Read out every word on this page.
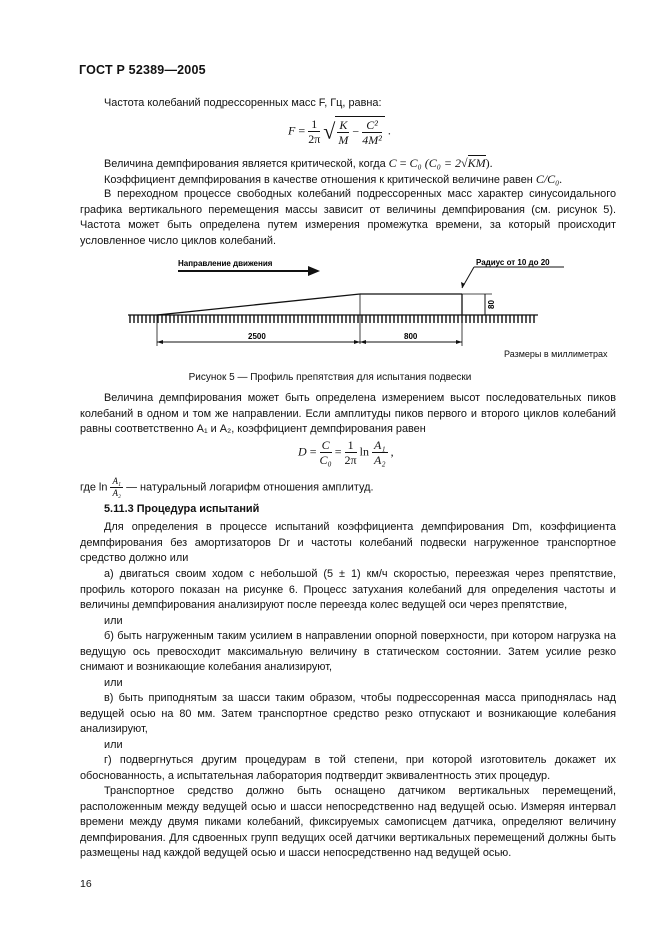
ГОСТ Р 52389—2005
Частота колебаний подрессоренных масс F, Гц, равна:
$F = \frac{1}{2\pi}$ √ $\frac{K}{M} - \frac{\text{C²}}{\text{4M²}}$ .
Величина демпфирования является критической, когда C = C₀ (C₀ = 2√KM).
Коэффициент демпфирования в качестве отношения к критической величине равен C/C₀.
В переходном процессе свободных колебаний подрессоренных масс характер синусоидального графика вертикального перемещения массы зависит от величины демпфирования (см. рисунок 5). Частота может быть определена путем измерения промежутка времени, за который происходит условленное число циклов колебаний.
Направление движения	Радиус от 10 до 20
80
2500	800
Размеры в миллиметрах
Рисунок 5 — Профиль препятствия для испытания подвески
Величина демпфирования может быть определена измерением высот последовательных пиков колебаний в одном и том же направлении. Если амплитуды пиков первого и второго циклов колебаний равны соответственно A₁ и A₂, коэффициент демпфирования равен
$D = \frac{C}{\text{C₀}} = \frac{1}{2\pi}$ $\ln \frac{\text{A₁}}{\text{A₂}}$ ,
где $\ln \frac{\text{A₁}}{\text{A₂}}$ — натуральный логарифм отношения амплитуд.
5.11.3 Процедура испытаний
Для определения в процессе испытаний коэффициента демпфирования Dm, коэффициента демпфирования без амортизаторов Dr и частоты колебаний подвески нагруженное транспортное средство должно или
а) двигаться своим ходом с небольшой (5 ± 1) км/ч скоростью, переезжая через препятствие, профиль которого показан на рисунке 6. Процесс затухания колебаний для определения частоты и величины демпфирования анализируют после переезда колес ведущей оси через препятствие,
или
б) быть нагруженным таким усилием в направлении опорной поверхности, при котором нагрузка на ведущую ось превосходит максимальную величину в статическом состоянии. Затем усилие резко снимают и возникающие колебания анализируют,
или
в) быть приподнятым за шасси таким образом, чтобы подрессоренная масса приподнялась над ведущей осью на 80 мм. Затем транспортное средство резко отпускают и возникающие колебания анализируют,
или
г) подвергнуться другим процедурам в той степени, при которой изготовитель докажет их обоснованность, а испытательная лаборатория подтвердит эквивалентность этих процедур.
Транспортное средство должно быть оснащено датчиком вертикальных перемещений, расположенным между ведущей осью и шасси непосредственно над ведущей осью. Измеряя интервал времени между двумя пиками колебаний, фиксируемых самописцем датчика, определяют величину демпфирования. Для сдвоенных групп ведущих осей датчики вертикальных перемещений должны быть размещены над каждой ведущей осью и шасси непосредственно над ведущей осью.
16
